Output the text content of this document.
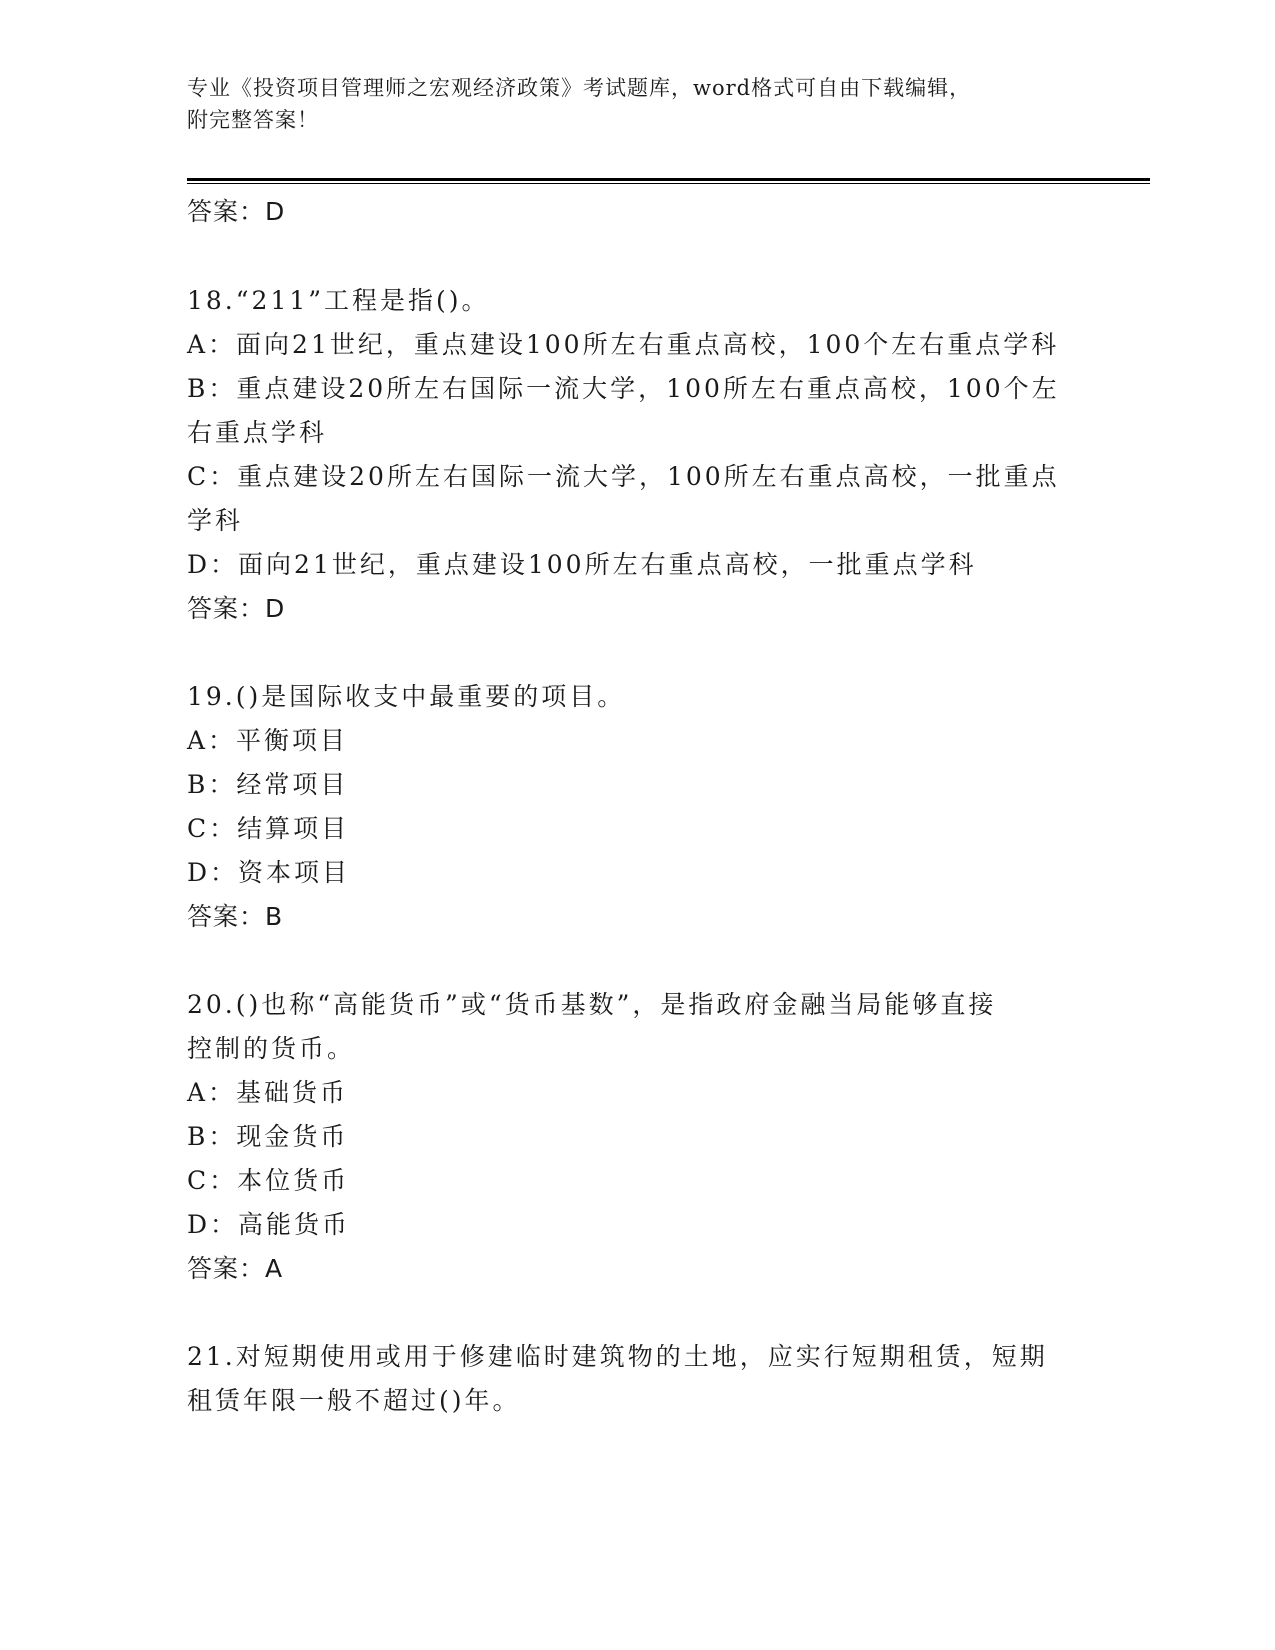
专业《投资项目管理师之宏观经济政策》考试题库，word格式可自由下载编辑，
附完整答案！
答案：D
18.“211”工程是指()。
A：面向21世纪，重点建设100所左右重点高校，100个左右重点学科
B：重点建设20所左右国际一流大学，100所左右重点高校，100个左
右重点学科
C：重点建设20所左右国际一流大学，100所左右重点高校，一批重点
学科
D：面向21世纪，重点建设100所左右重点高校，一批重点学科
答案：D
19.()是国际收支中最重要的项目。
A：平衡项目
B：经常项目
C：结算项目
D：资本项目
答案：B
20.()也称“高能货币”或“货币基数”，是指政府金融当局能够直接
控制的货币。
A：基础货币
B：现金货币
C：本位货币
D：高能货币
答案：A
21.对短期使用或用于修建临时建筑物的土地，应实行短期租赁，短期
租赁年限一般不超过()年。
